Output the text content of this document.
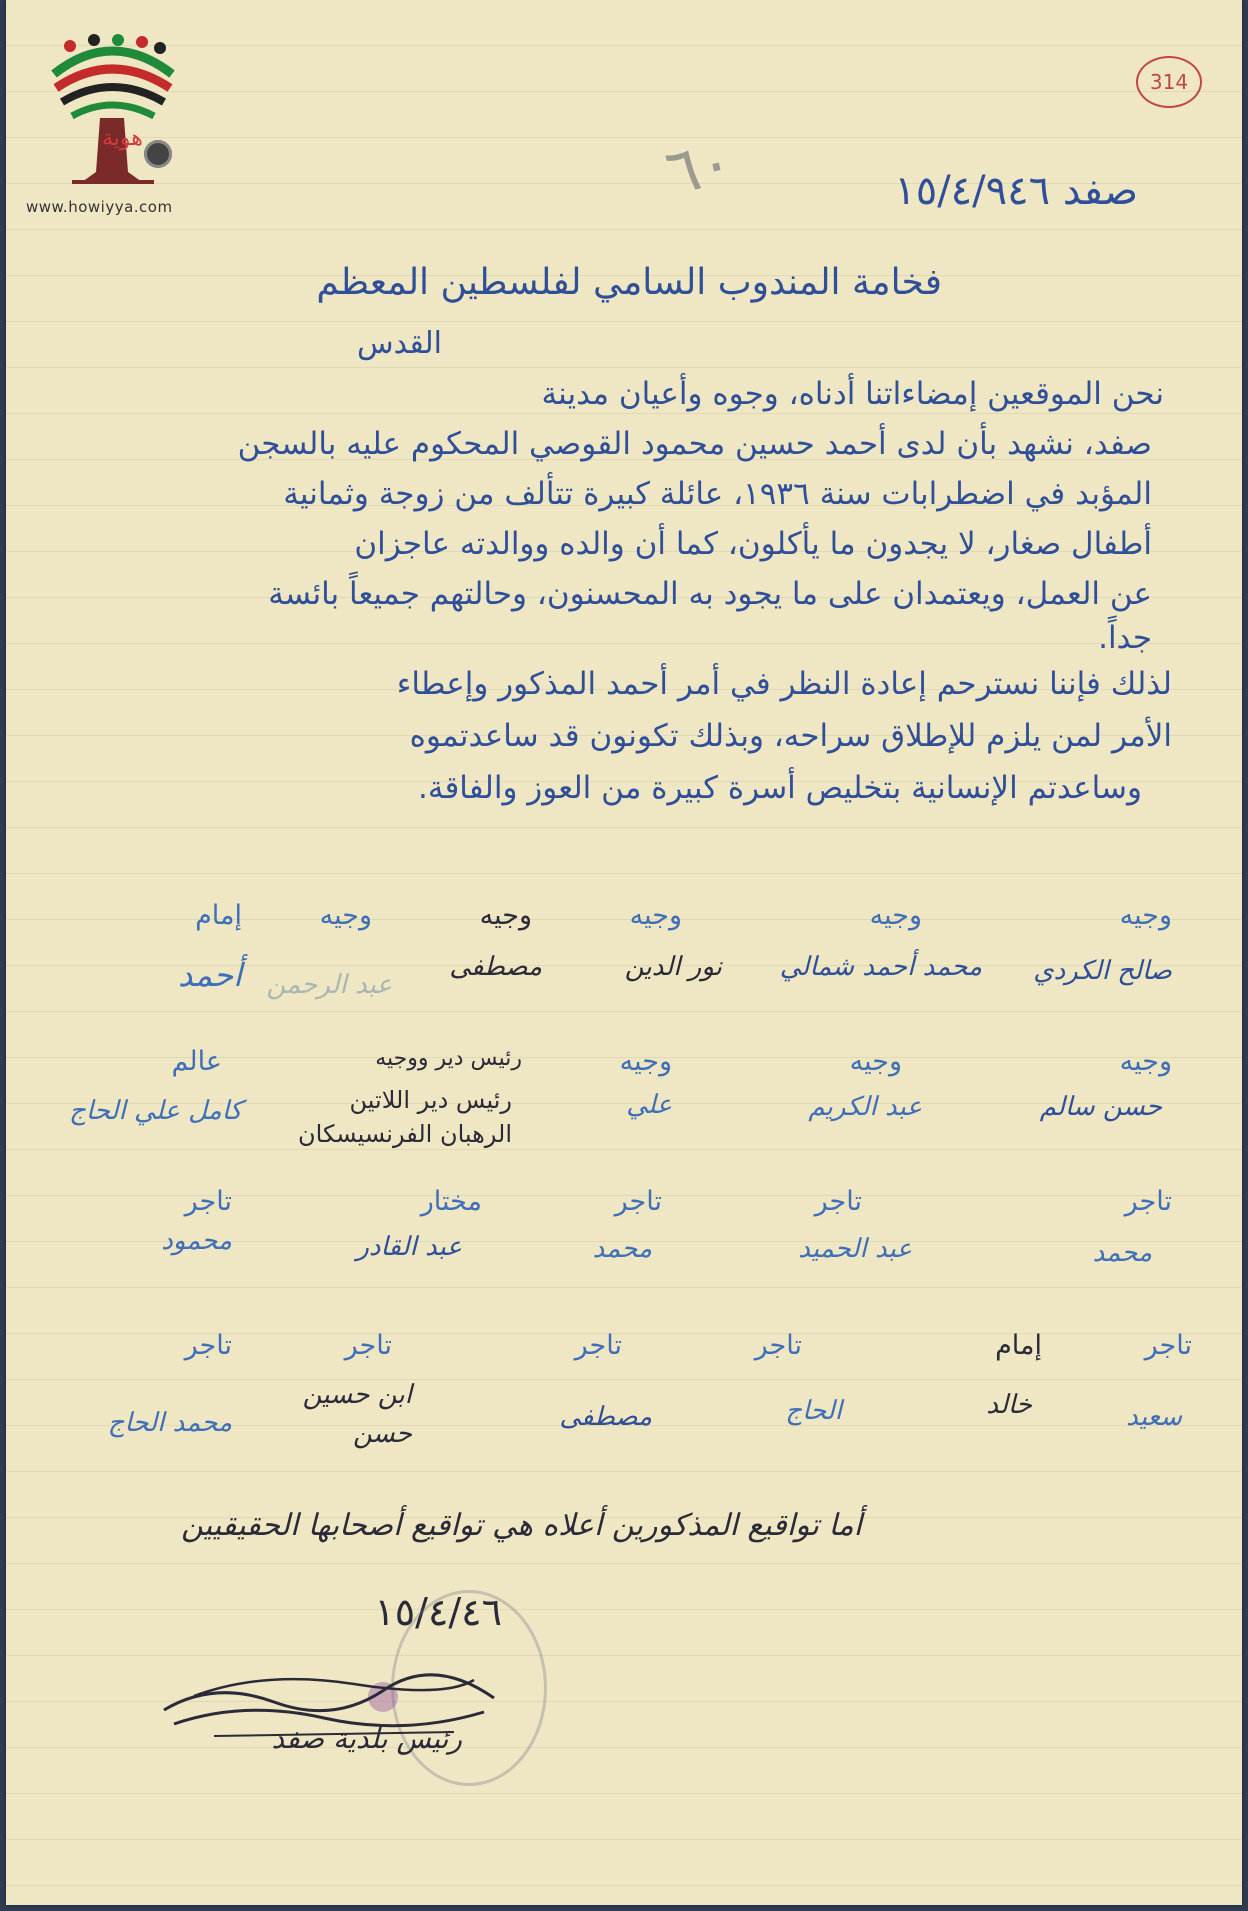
هوية
www.howiyya.com
314
٦٠	صفد ١٥/٤/٩٤٦
فخامة المندوب السامي لفلسطين المعظم
القدس
نحن الموقعين إمضاءاتنا أدناه، وجوه وأعيان مدينة
صفد، نشهد بأن لدى أحمد حسين محمود القوصي المحكوم عليه بالسجن
المؤبد في اضطرابات سنة ١٩٣٦، عائلة كبيرة تتألف من زوجة وثمانية
أطفال صغار، لا يجدون ما يأكلون، كما أن والده ووالدته عاجزان
عن العمل، ويعتمدان على ما يجود به المحسنون، وحالتهم جميعاً بائسة
جداً.
لذلك فإننا نسترحم إعادة النظر في أمر أحمد المذكور وإعطاء
الأمر لمن يلزم للإطلاق سراحه، وبذلك تكونون قد ساعدتموه
وساعدتم الإنسانية بتخليص أسرة كبيرة من العوز والفاقة.
وجيه
صالح الكردي
وجيه
محمد أحمد شمالي
وجيه
نور الدين
وجيه
مصطفى
وجيه
عبد الرحمن
إمام
أحمد
وجيه
حسن سالم
وجيه
عبد الكريم
وجيه
علي
رئيس دير ووجيه
رئيس دير اللاتين
الرهبان الفرنسيسكان
عالم
كامل علي الحاج
تاجر
محمد
تاجر
عبد الحميد
تاجر
محمد
مختار
عبد القادر
تاجر
محمود
تاجر
سعيد
إمام
خالد
تاجر
الحاج
تاجر
مصطفى
تاجر
ابن حسين
حسن
تاجر
محمد الحاج
أما تواقيع المذكورين أعلاه هي تواقيع أصحابها الحقيقيين
١٥/٤/٤٦
رئيس بلدية صفد
